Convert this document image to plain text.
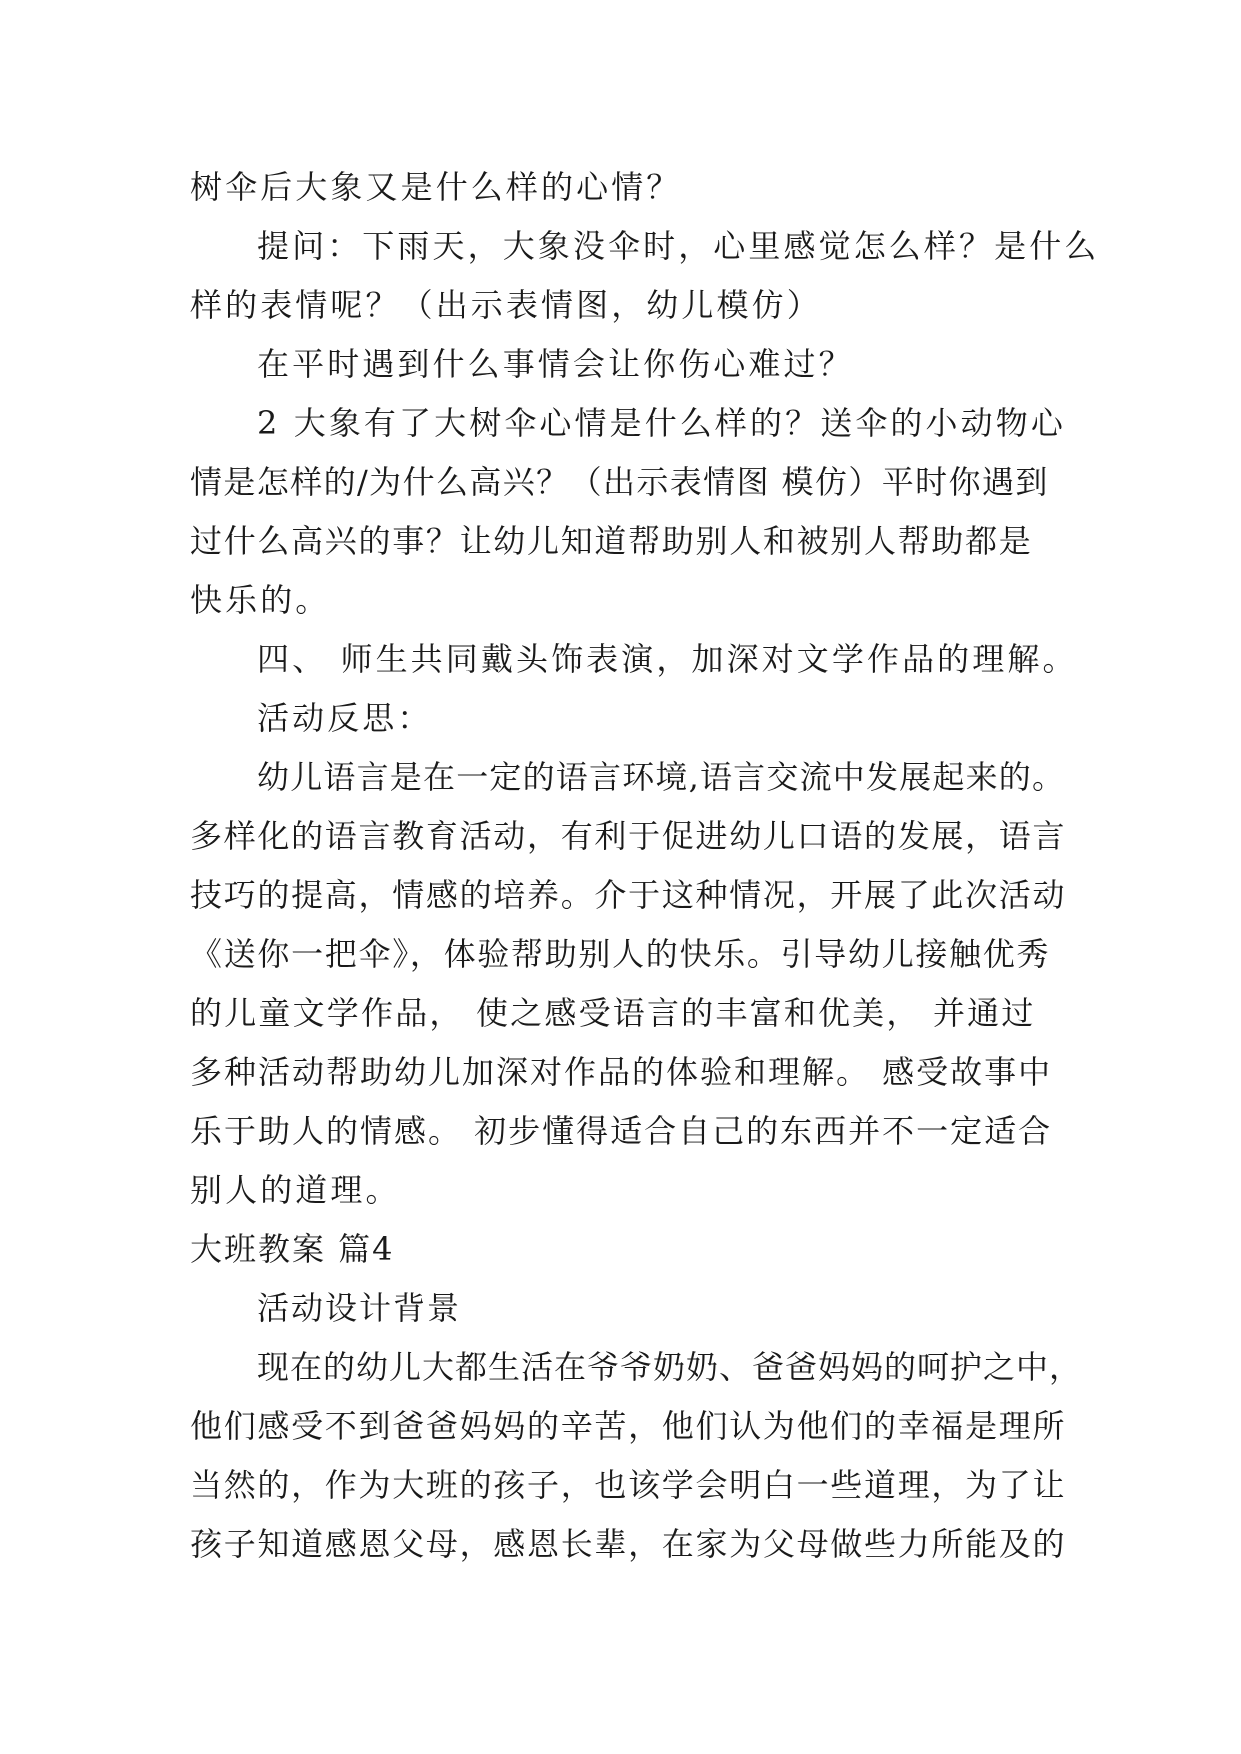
树伞后大象又是什么样的心情？
提问：下雨天，大象没伞时，心里感觉怎么样？是什么
样的表情呢？（出示表情图，幼儿模仿）
在平时遇到什么事情会让你伤心难过？
2 大象有了大树伞心情是什么样的？送伞的小动物心
情是怎样的/为什么高兴？（出示表情图 模仿）平时你遇到
过什么高兴的事？让幼儿知道帮助别人和被别人帮助都是
快乐的。
四、 师生共同戴头饰表演，加深对文学作品的理解。
活动反思：
幼儿语言是在一定的语言环境,语言交流中发展起来的。
多样化的语言教育活动，有利于促进幼儿口语的发展，语言
技巧的提高，情感的培养。介于这种情况，开展了此次活动
《送你一把伞》，体验帮助别人的快乐。引导幼儿接触优秀
的儿童文学作品， 使之感受语言的丰富和优美， 并通过
多种活动帮助幼儿加深对作品的体验和理解。 感受故事中
乐于助人的情感。 初步懂得适合自己的东西并不一定适合
别人的道理。
大班教案 篇4
活动设计背景
现在的幼儿大都生活在爷爷奶奶、爸爸妈妈的呵护之中，
他们感受不到爸爸妈妈的辛苦，他们认为他们的幸福是理所
当然的，作为大班的孩子，也该学会明白一些道理，为了让
孩子知道感恩父母，感恩长辈，在家为父母做些力所能及的
